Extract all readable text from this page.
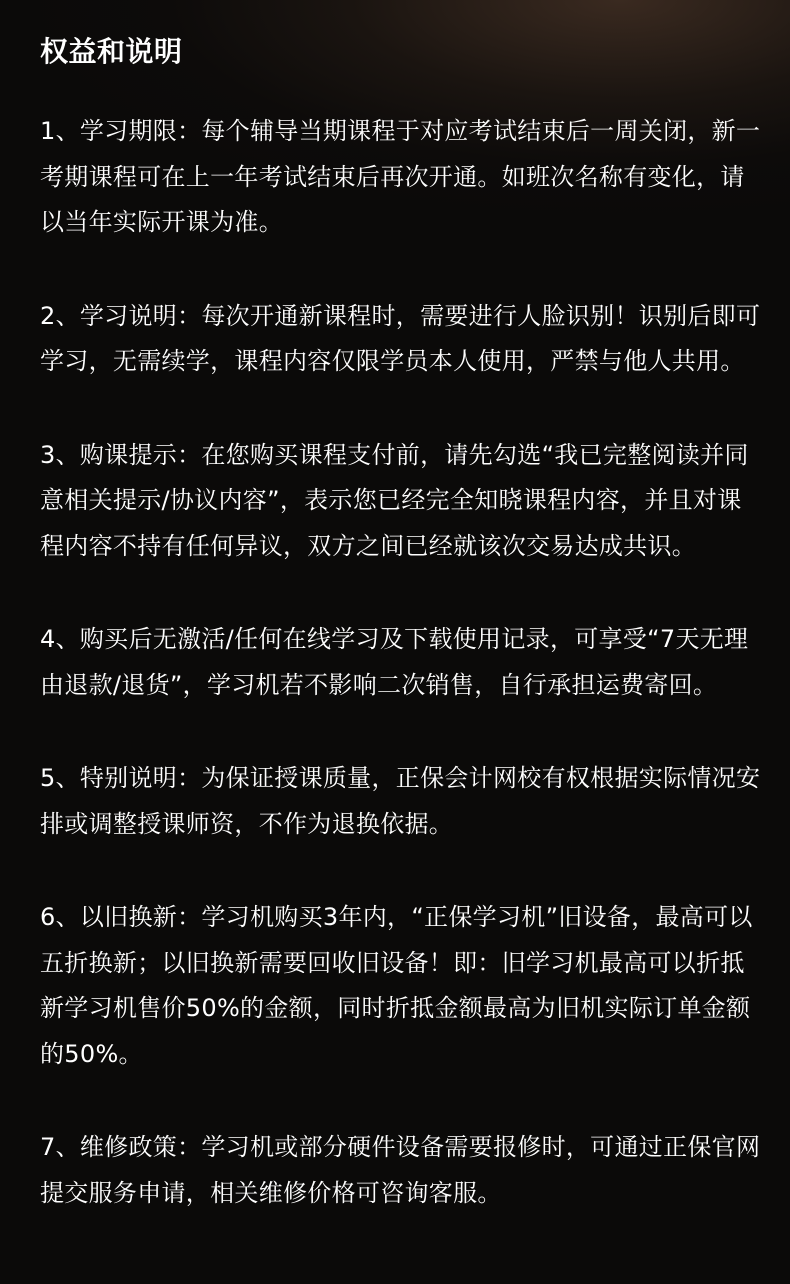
权益和说明
1、学习期限：每个辅导当期课程于对应考试结束后一周关闭，新一考期课程可在上一年考试结束后再次开通。如班次名称有变化，请以当年实际开课为准。
2、学习说明：每次开通新课程时，需要进行人脸识别！识别后即可学习，无需续学，课程内容仅限学员本人使用，严禁与他人共用。
3、购课提示：在您购买课程支付前，请先勾选“我已完整阅读并同意相关提示/协议内容”，表示您已经完全知晓课程内容，并且对课程内容不持有任何异议，双方之间已经就该次交易达成共识。
4、购买后无激活/任何在线学习及下载使用记录，可享受“7天无理由退款/退货”，学习机若不影响二次销售，自行承担运费寄回。
5、特别说明：为保证授课质量，正保会计网校有权根据实际情况安排或调整授课师资，不作为退换依据。
6、以旧换新：学习机购买3年内，“正保学习机”旧设备，最高可以五折换新；以旧换新需要回收旧设备！即：旧学习机最高可以折抵新学习机售价50%的金额，同时折抵金额最高为旧机实际订单金额的50%。
7、维修政策：学习机或部分硬件设备需要报修时，可通过正保官网提交服务申请，相关维修价格可咨询客服。
